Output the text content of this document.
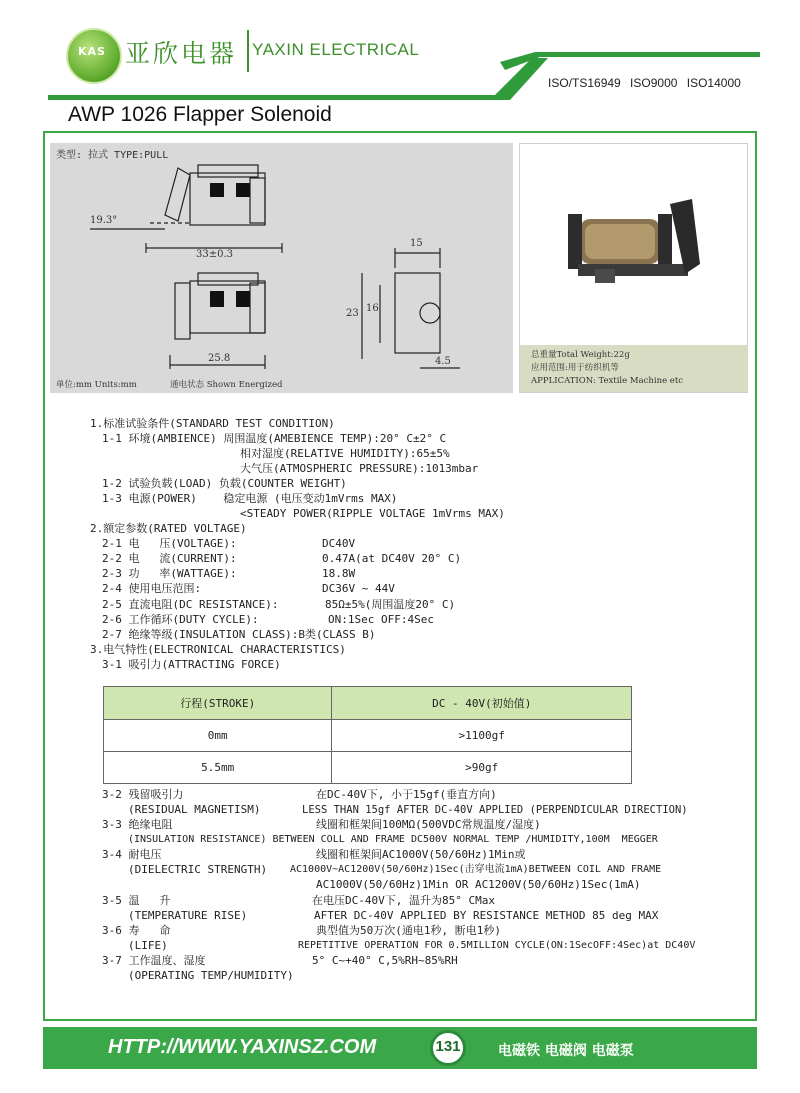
KAS 亚欣电器 YAXIN ELECTRICAL
ISO/TS16949 ISO9000 ISO14000
AWP 1026 Flapper Solenoid
类型: 拉式 TYPE:PULL
19.3°
33±0.3
15
23 16
25.8	4.5
单位:mm Units:mm	通电状态 Shown Energized
总重量Total Weight:22g
应用范围:用于纺织机等
APPLICATION: Textile Machine etc
1.标准试验条件(STANDARD TEST CONDITION)
1-1 环境(AMBIENCE) 周围温度(AMEBIENCE TEMP):20° C±2° C
相对湿度(RELATIVE HUMIDITY):65±5%
大气压(ATMOSPHERIC PRESSURE):1013mbar
1-2 试验负载(LOAD) 负载(COUNTER WEIGHT)
1-3 电源(POWER)    稳定电源 (电压变动1mVrms MAX)
<STEADY POWER(RIPPLE VOLTAGE 1mVrms MAX)
2.额定参数(RATED VOLTAGE)
2-1 电   压(VOLTAGE):	DC40V
2-2 电   流(CURRENT):	0.47A(at DC40V 20° C)
2-3 功   率(WATTAGE):	18.8W
2-4 使用电压范围:	DC36V ~ 44V
2-5 直流电阻(DC RESISTANCE):	85Ω±5%(周围温度20° C)
2-6 工作循环(DUTY CYCLE):	ON:1Sec OFF:4Sec
2-7 绝缘等级(INSULATION CLASS):B类(CLASS B)
3.电气特性(ELECTRONICAL CHARACTERISTICS)
3-1 吸引力(ATTRACTING FORCE)
行程(STROKE)	DC - 40V(初始值)
0mm	>1100gf
5.5mm	>90gf
3-2 残留吸引力	在DC-40V下, 小于15gf(垂直方向)
(RESIDUAL MAGNETISM)	LESS THAN 15gf AFTER DC-40V APPLIED (PERPENDICULAR DIRECTION)
3-3 绝缘电阻	线圈和框架间100MΩ(500VDC常规温度/湿度)
(INSULATION RESISTANCE) BETWEEN COLL AND FRAME DC500V NORMAL TEMP /HUMIDITY,100M  MEGGER
3-4 耐电压	线圈和框架间AC1000V(50/60Hz)1Min或
(DIELECTRIC STRENGTH) AC1000V~AC1200V(50/60Hz)1Sec(击穿电流1mA)BETWEEN COIL AND FRAME
AC1000V(50/60Hz)1Min OR AC1200V(50/60Hz)1Sec(1mA)
3-5 温   升	在电压DC-40V下, 温升为85° CMax
(TEMPERATURE RISE)	AFTER DC-40V APPLIED BY RESISTANCE METHOD 85 deg MAX
3-6 寿   命	典型值为50万次(通电1秒, 断电1秒)
(LIFE)	REPETITIVE OPERATION FOR 0.5MILLION CYCLE(ON:1SecOFF:4Sec)at DC40V
3-7 工作温度、湿度	5° C~+40° C,5%RH~85%RH
(OPERATING TEMP/HUMIDITY)
HTTP://WWW.YAXINSZ.COM	131	电磁铁 电磁阀 电磁泵
